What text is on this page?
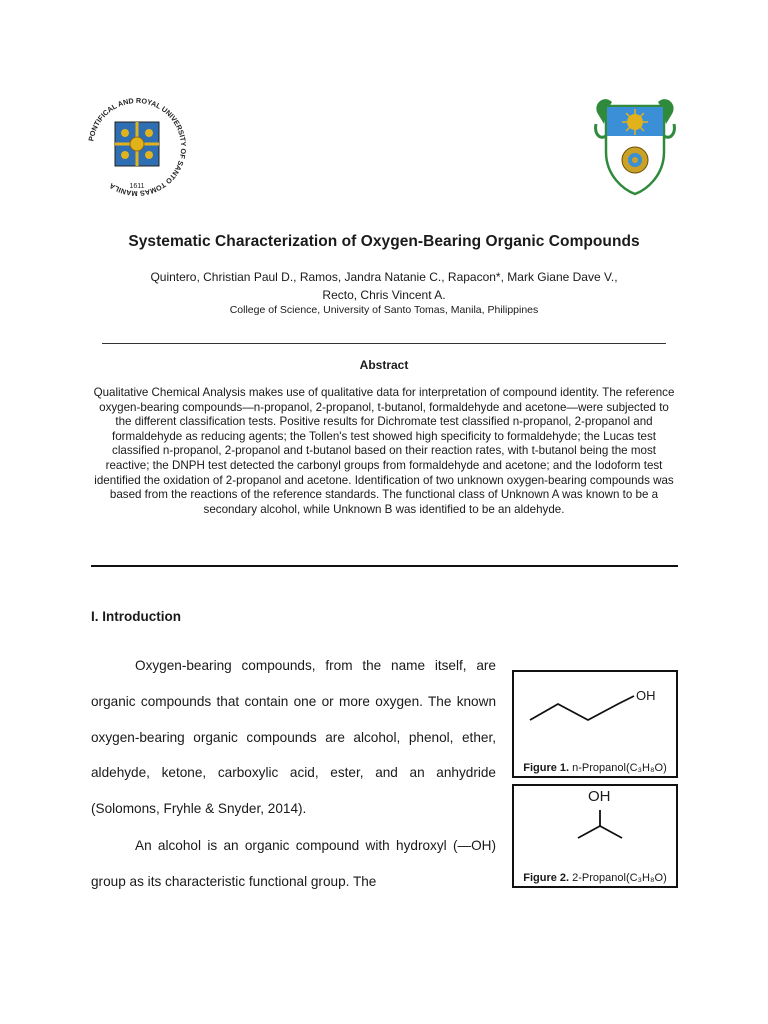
PONTIFICAL AND ROYAL UNIVERSITY OF SANTO TOMAS MANILA	1611
Systematic Characterization of Oxygen-Bearing Organic Compounds
Quintero, Christian Paul D., Ramos, Jandra Natanie C., Rapacon*, Mark Giane Dave V.,
Recto, Chris Vincent A.
College of Science, University of Santo Tomas, Manila, Philippines
Abstract
Qualitative Chemical Analysis makes use of qualitative data for interpretation of compound identity. The reference oxygen-bearing compounds—n-propanol, 2-propanol, t-butanol, formaldehyde and acetone—were subjected to the different classification tests. Positive results for Dichromate test classified n-propanol, 2-propanol and formaldehyde as reducing agents; the Tollen's test showed high specificity to formaldehyde; the Lucas test classified n-propanol, 2-propanol and t-butanol based on their reaction rates, with t-butanol being the most reactive; the DNPH test detected the carbonyl groups from formaldehyde and acetone; and the Iodoform test identified the oxidation of 2-propanol and acetone. Identification of two unknown oxygen-bearing compounds was based from the reactions of the reference standards. The functional class of Unknown A was known to be a secondary alcohol, while Unknown B was identified to be an aldehyde.
I. Introduction
Oxygen-bearing compounds, from the name itself, are organic compounds that contain one or more oxygen. The known oxygen-bearing organic compounds are alcohol, phenol, ether, aldehyde, ketone, carboxylic acid, ester, and an anhydride (Solomons, Fryhle & Snyder, 2014).
An alcohol is an organic compound with hydroxyl (—OH) group as its characteristic functional group. The
OH
Figure 1. n-Propanol(C₃H₈O)
OH
Figure 2. 2-Propanol(C₃H₈O)
